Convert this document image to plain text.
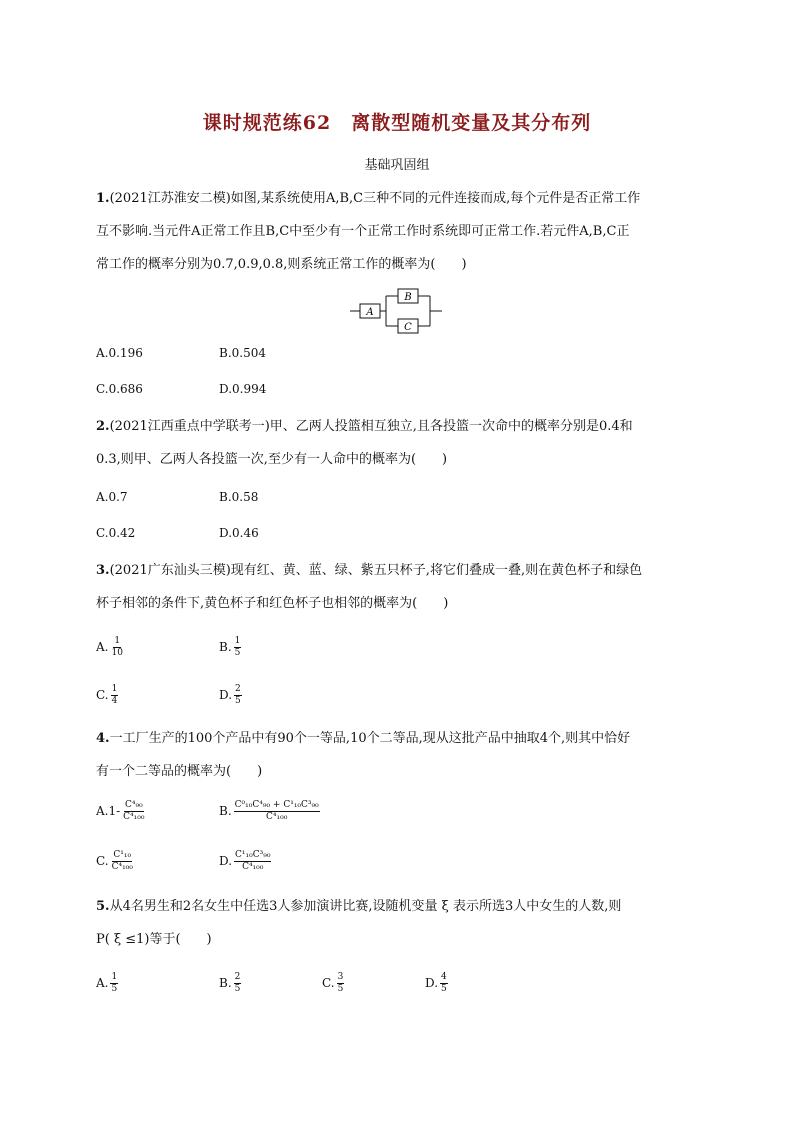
课时规范练62　离散型随机变量及其分布列
基础巩固组
1.(2021江苏淮安二模)如图,某系统使用A,B,C三种不同的元件连接而成,每个元件是否正常工作
互不影响.当元件A正常工作且B,C中至少有一个正常工作时系统即可正常工作.若元件A,B,C正
常工作的概率分别为0.7,0.9,0.8,则系统正常工作的概率为(　　)
A
B
C
A.0.196	B.0.504
C.0.686	D.0.994
2.(2021江西重点中学联考一)甲、乙两人投篮相互独立,且各投篮一次命中的概率分别是0.4和
0.3,则甲、乙两人各投篮一次,至少有一人命中的概率为(　　)
A.0.7	B.0.58
C.0.42	D.0.46
3.(2021广东汕头三模)现有红、黄、蓝、绿、紫五只杯子,将它们叠成一叠,则在黄色杯子和绿色
杯子相邻的条件下,黄色杯子和红色杯子也相邻的概率为(　　)
A. $\frac{1}{10}$	B. $\frac{1}{5}$
C. $\frac{1}{4}$	D. $\frac{2}{5}$
4.一工厂生产的100个产品中有90个一等品,10个二等品,现从这批产品中抽取4个,则其中恰好
有一个二等品的概率为(　　)
$A.1- \frac{\text{C⁴₉₀}}{\text{C⁴₁₀₀}}$	B. $\frac{\text{C⁰₁₀C⁴₉₀ + C¹₁₀C³₉₀}}{\text{C⁴₁₀₀}}$
C. $\frac{\text{C¹₁₀}}{\text{C⁴₁₀₀}}$	D. $\frac{\text{C¹₁₀C³₉₀}}{\text{C⁴₁₀₀}}$
5.从4名男生和2名女生中任选3人参加演讲比赛,设随机变量 ξ 表示所选3人中女生的人数,则
P( ξ ≤1)等于(　　)
A. $\frac{1}{5}$	B. $\frac{2}{5}$	C. $\frac{3}{5}$	D. $\frac{4}{5}$
